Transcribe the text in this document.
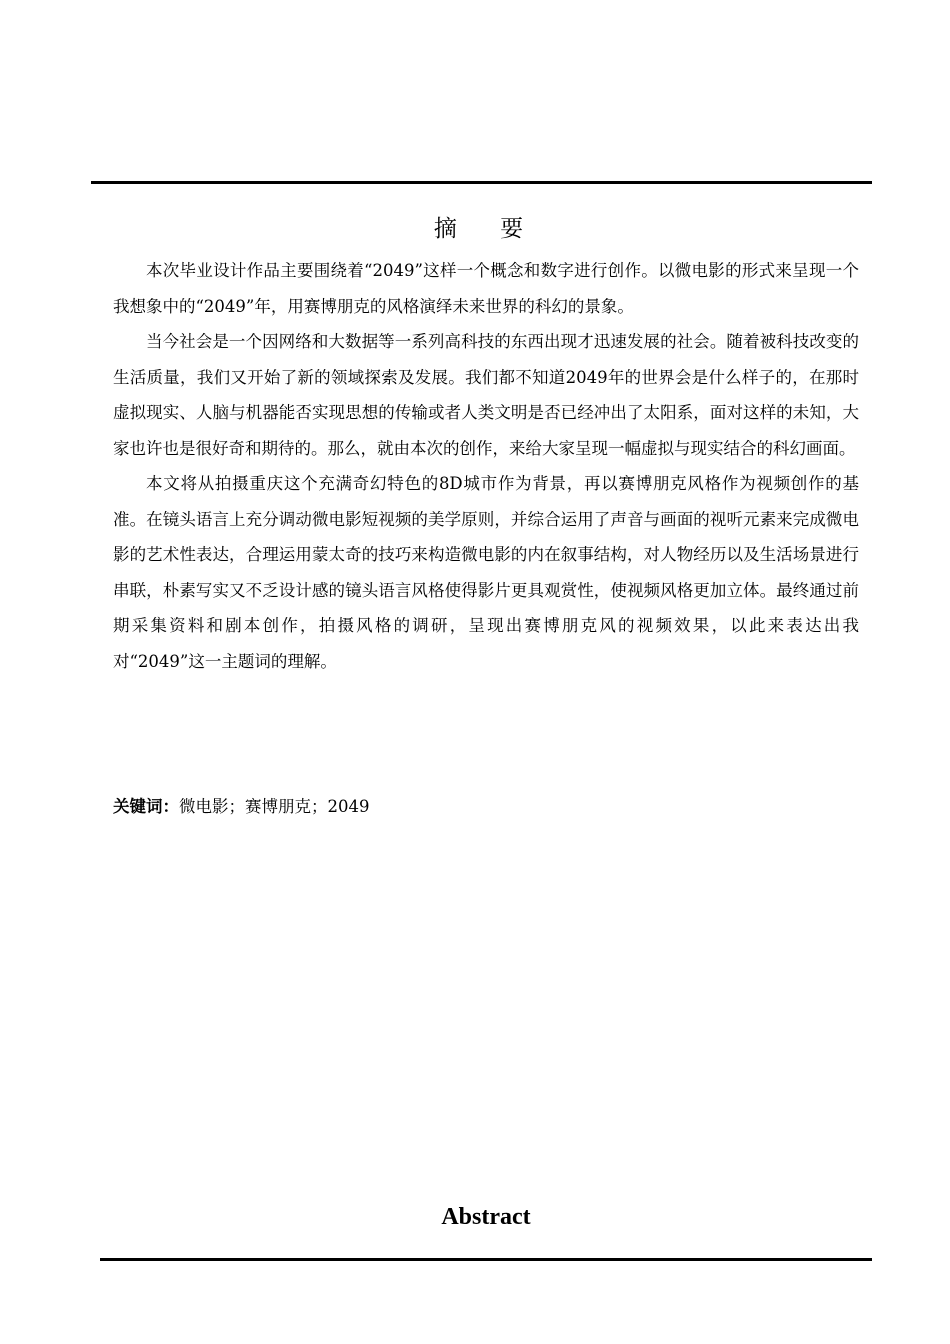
摘 要

本次毕业设计作品主要围绕着“2049”这样一个概念和数字进行创作。以微电影的形式来呈现一个我想象中的“2049”年，用赛博朋克的风格演绎未来世界的科幻的景象。

当今社会是一个因网络和大数据等一系列高科技的东西出现才迅速发展的社会。随着被科技改变的生活质量，我们又开始了新的领域探索及发展。我们都不知道2049年的世界会是什么样子的，在那时虚拟现实、人脑与机器能否实现思想的传输或者人类文明是否已经冲出了太阳系，面对这样的未知，大家也许也是很好奇和期待的。那么，就由本次的创作，来给大家呈现一幅虚拟与现实结合的科幻画面。

本文将从拍摄重庆这个充满奇幻特色的8D城市作为背景，再以赛博朋克风格作为视频创作的基准。在镜头语言上充分调动微电影短视频的美学原则，并综合运用了声音与画面的视听元素来完成微电影的艺术性表达，合理运用蒙太奇的技巧来构造微电影的内在叙事结构，对人物经历以及生活场景进行串联，朴素写实又不乏设计感的镜头语言风格使得影片更具观赏性，使视频风格更加立体。最终通过前期采集资料和剧本创作，拍摄风格的调研，呈现出赛博朋克风的视频效果，以此来表达出我对“2049”这一主题词的理解。

关键词：微电影；赛博朋克；2049
Abstract
